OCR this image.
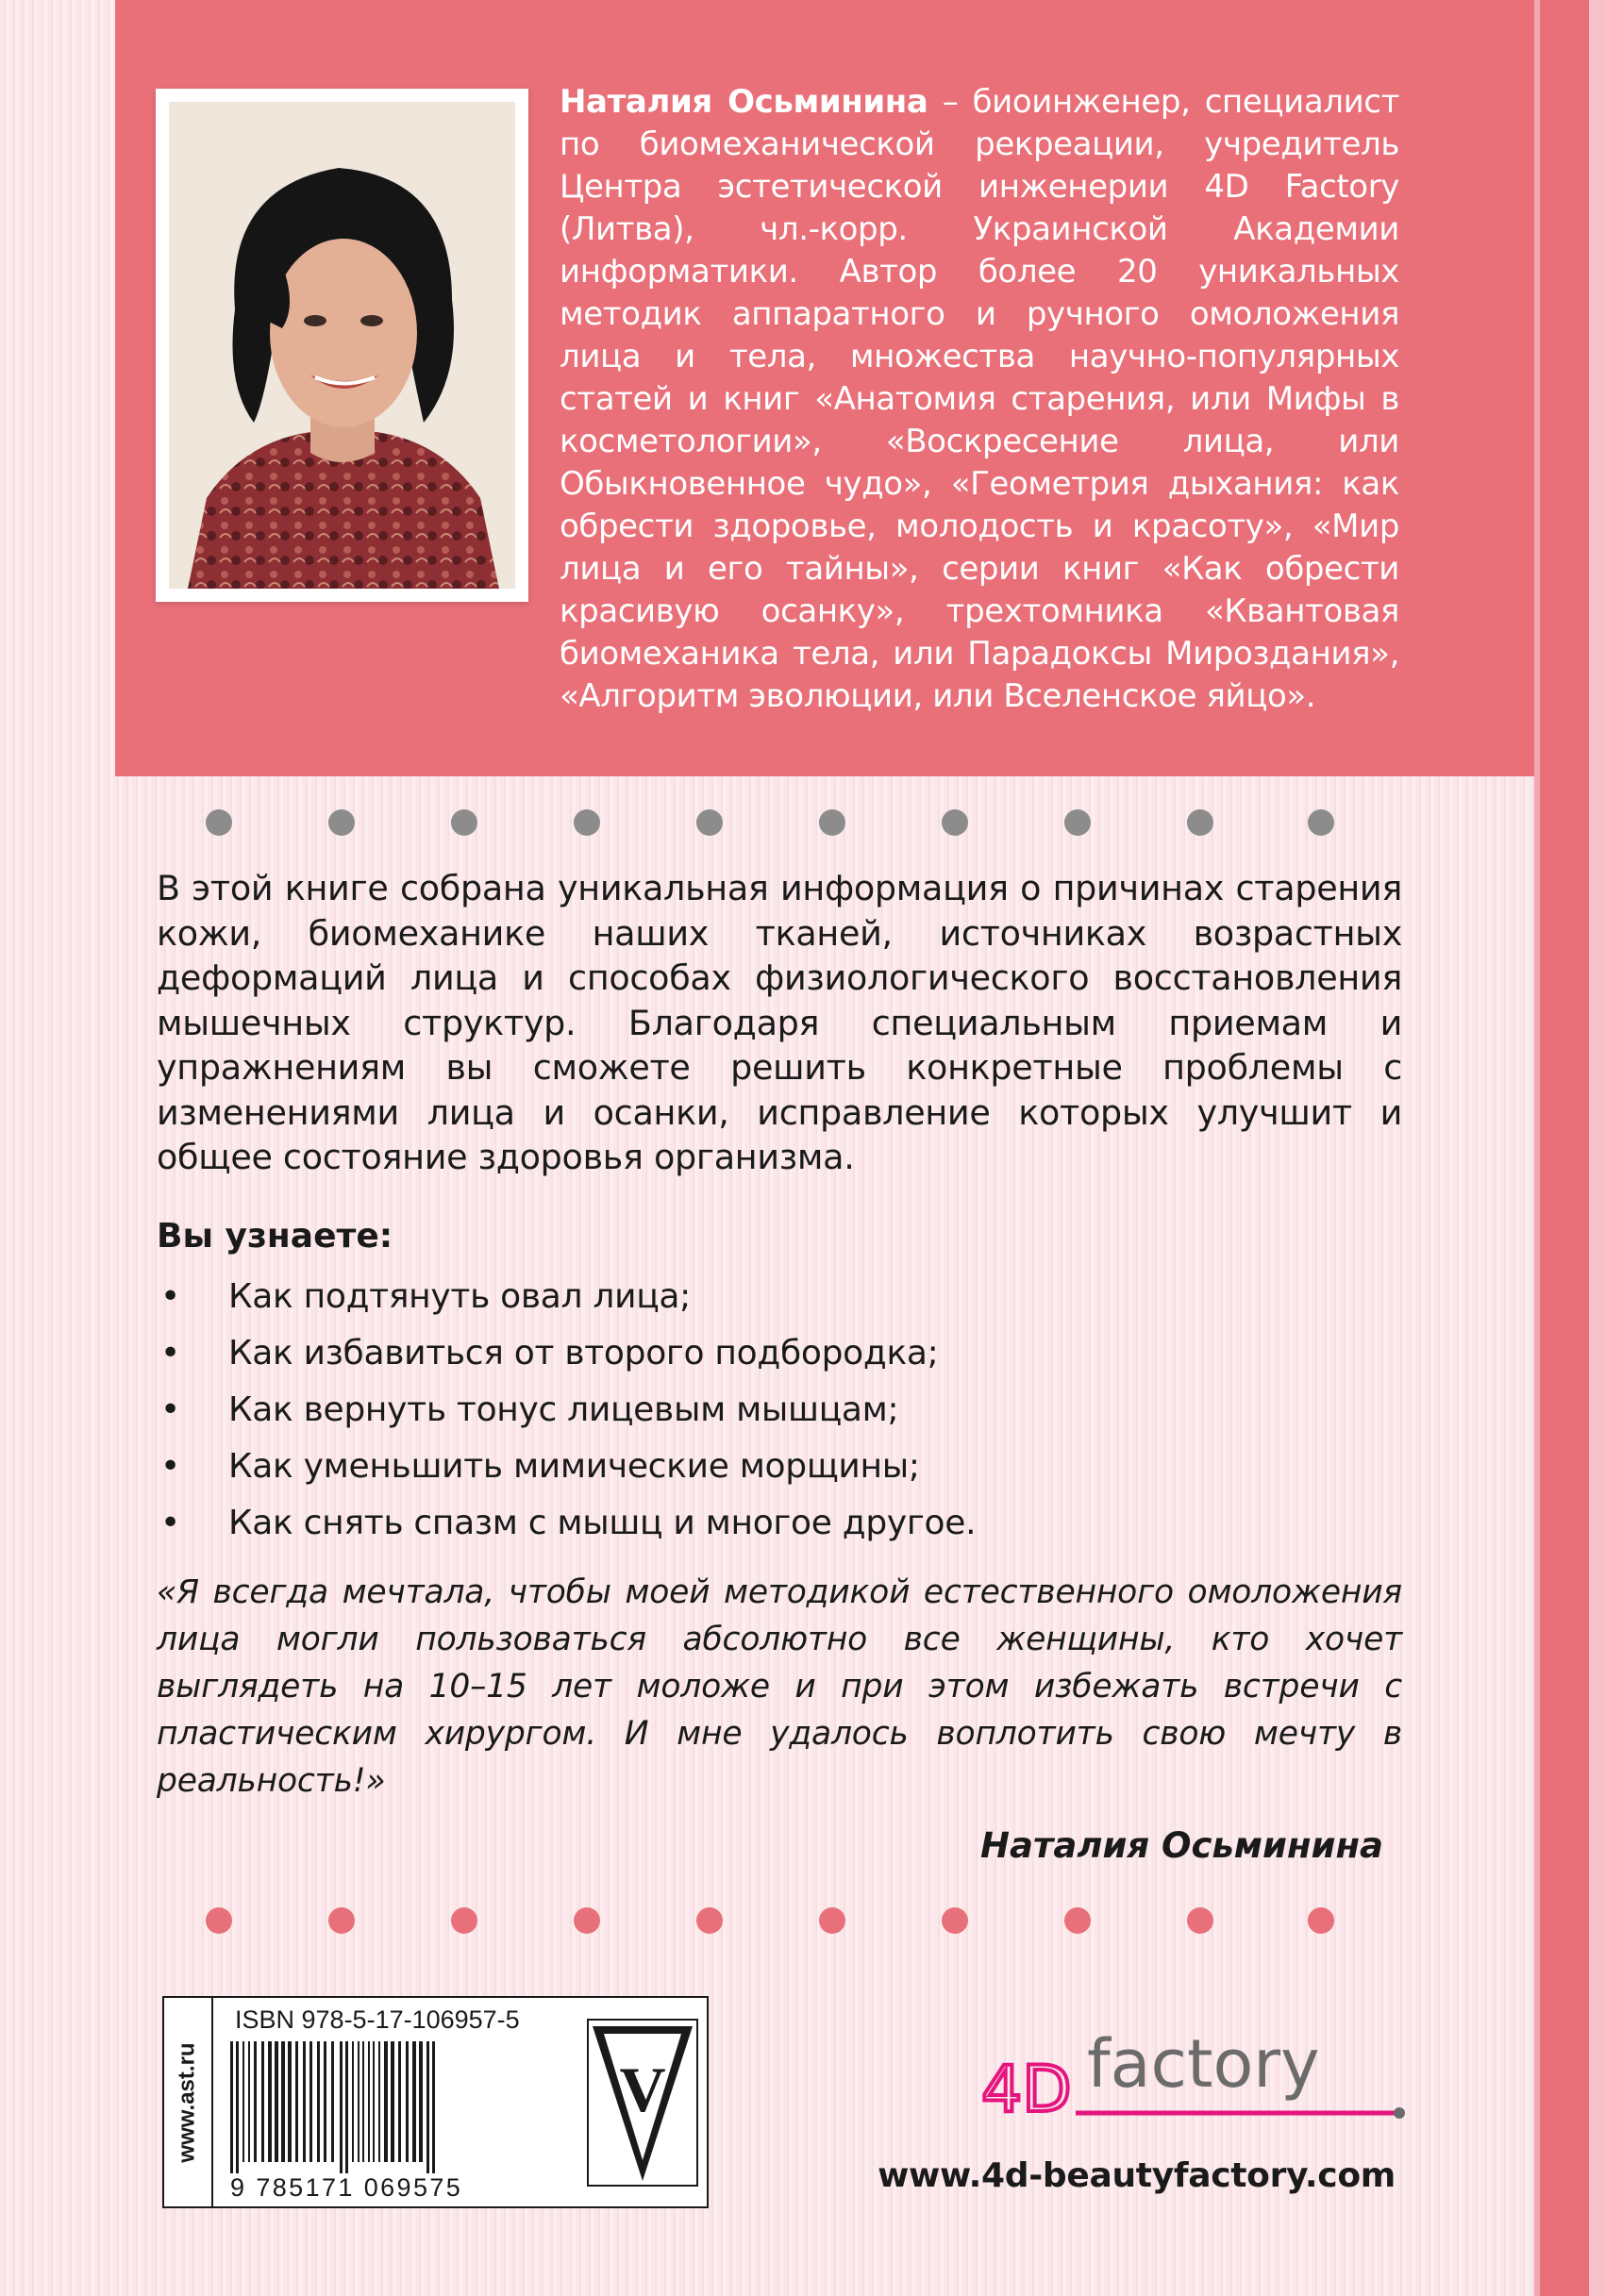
Наталия Осьминина – биоинженер, специалист по биомеханической рекреации, учредитель Центра эстетической инженерии 4D Factory (Литва), чл.-корр. Украинской Академии информатики. Автор более 20 уникальных методик аппаратного и ручного омоложения лица и тела, множества научно-популярных статей и книг «Анатомия старения, или Мифы в косметологии», «Воскресение лица, или Обыкновенное чудо», «Геометрия дыхания: как обрести здоровье, молодость и красоту», «Мир лица и его тайны», серии книг «Как обрести красивую осанку», трехтомника «Квантовая биомеханика тела, или Парадоксы Мироздания», «Алгоритм эволюции, или Вселенское яйцо».
В этой книге собрана уникальная информация о причинах старения кожи, биомеханике наших тканей, источниках возрастных деформаций лица и способах физиологического восстановления мышечных структур. Благодаря специальным приемам и упражнениям вы сможете решить конкретные проблемы с изменениями лица и осанки, исправление которых улучшит и общее состояние здоровья организма.
Вы узнаете:
• Как подтянуть овал лица;
• Как избавиться от второго подбородка;
• Как вернуть тонус лицевым мышцам;
• Как уменьшить мимические морщины;
• Как снять спазм с мышц и многое другое.
«Я всегда мечтала, чтобы моей методикой естественного омоложения лица могли пользоваться абсолютно все женщины, кто хочет выглядеть на 10–15 лет моложе и при этом избежать встречи с пластическим хирургом. И мне удалось воплотить свою мечту в реальность!»
Наталия Осьминина
www.ast.ru
ISBN 978-5-17-106957-5
9 785171 069575
V	4D factory
www.4d-beautyfactory.com
